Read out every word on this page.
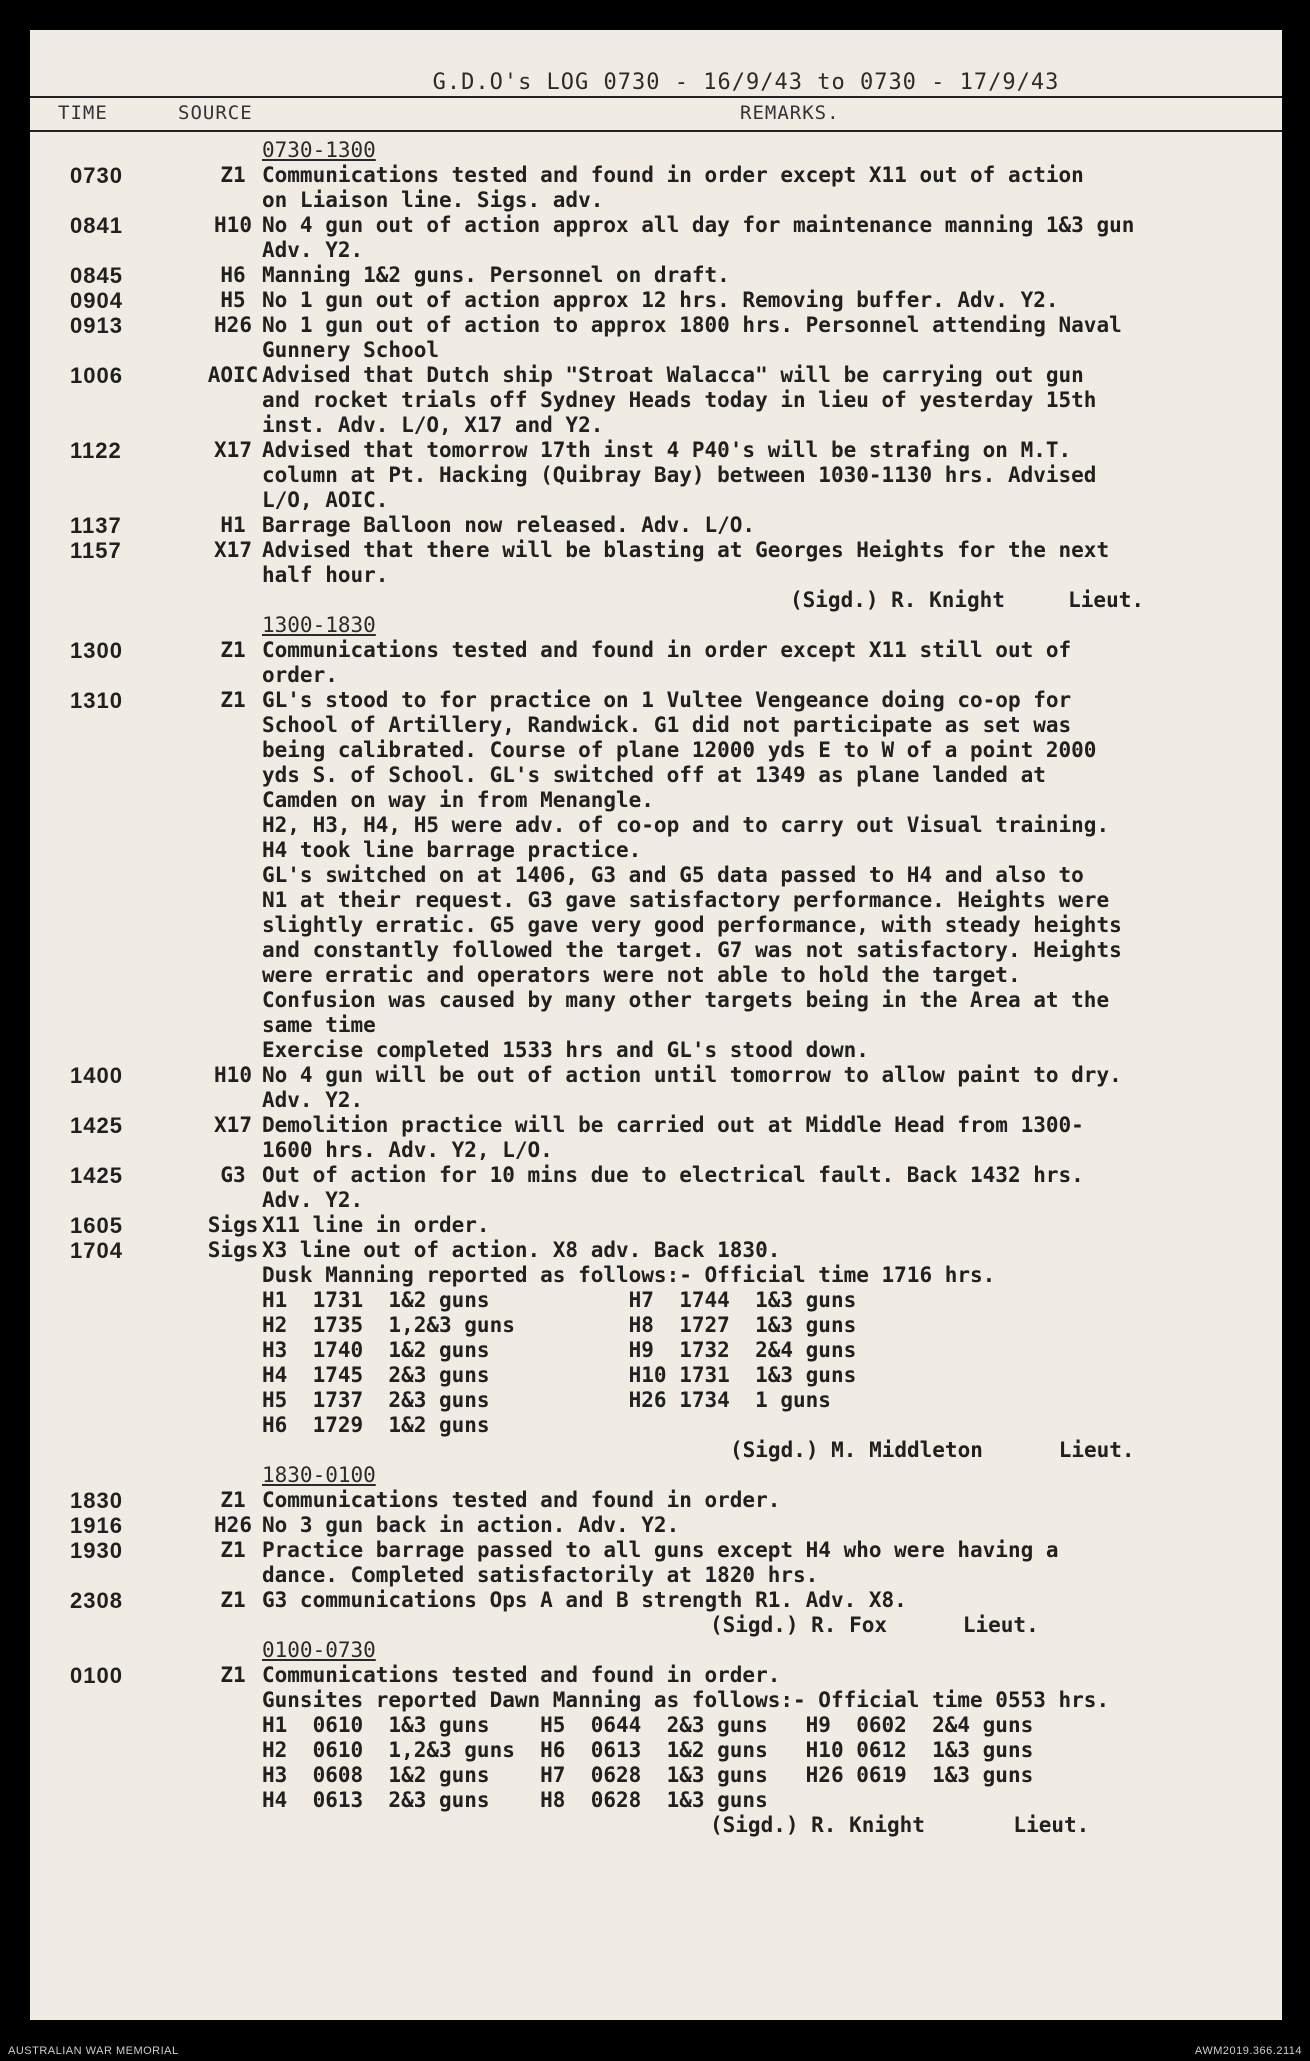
G.D.O's LOG 0730 - 16/9/43 to 0730 - 17/9/43
TIME	SOURCE	REMARKS.
0730-1300
0730	Z1 Communications tested and found in order except X11 out of action
on Liaison line. Sigs. adv.
0841	H10 No 4 gun out of action approx all day for maintenance manning 1&3 gun
Adv. Y2.
0845	H6 Manning 1&2 guns. Personnel on draft.
0904	H5 No 1 gun out of action approx 12 hrs. Removing buffer. Adv. Y2.
0913	H26 No 1 gun out of action to approx 1800 hrs. Personnel attending Naval
Gunnery School
1006	AOIC Advised that Dutch ship "Stroat Walacca" will be carrying out gun
and rocket trials off Sydney Heads today in lieu of yesterday 15th
inst. Adv. L/O, X17 and Y2.
1122	X17 Advised that tomorrow 17th inst 4 P40's will be strafing on M.T.
column at Pt. Hacking (Quibray Bay) between 1030-1130 hrs. Advised
L/O, AOIC.
1137	H1 Barrage Balloon now released. Adv. L/O.
1157	X17 Advised that there will be blasting at Georges Heights for the next
half hour.
(Sigd.) R. Knight     Lieut.
1300-1830
1300	Z1 Communications tested and found in order except X11 still out of
order.
1310	Z1 GL's stood to for practice on 1 Vultee Vengeance doing co-op for
School of Artillery, Randwick. G1 did not participate as set was
being calibrated. Course of plane 12000 yds E to W of a point 2000
yds S. of School. GL's switched off at 1349 as plane landed at
Camden on way in from Menangle.
H2, H3, H4, H5 were adv. of co-op and to carry out Visual training.
H4 took line barrage practice.
GL's switched on at 1406, G3 and G5 data passed to H4 and also to
N1 at their request. G3 gave satisfactory performance. Heights were
slightly erratic. G5 gave very good performance, with steady heights
and constantly followed the target. G7 was not satisfactory. Heights
were erratic and operators were not able to hold the target.
Confusion was caused by many other targets being in the Area at the
same time
Exercise completed 1533 hrs and GL's stood down.
1400	H10 No 4 gun will be out of action until tomorrow to allow paint to dry.
Adv. Y2.
1425	X17 Demolition practice will be carried out at Middle Head from 1300-
1600 hrs. Adv. Y2, L/O.
1425	G3 Out of action for 10 mins due to electrical fault. Back 1432 hrs.
Adv. Y2.
1605	Sigs X11 line in order.
1704	Sigs X3 line out of action. X8 adv. Back 1830.
Dusk Manning reported as follows:- Official time 1716 hrs.
H1  1731  1&2 guns           H7  1744  1&3 guns
H2  1735  1,2&3 guns         H8  1727  1&3 guns
H3  1740  1&2 guns           H9  1732  2&4 guns
H4  1745  2&3 guns           H10 1731  1&3 guns
H5  1737  2&3 guns           H26 1734  1 guns
H6  1729  1&2 guns
(Sigd.) M. Middleton      Lieut.
1830-0100
1830	Z1 Communications tested and found in order.
1916	H26 No 3 gun back in action. Adv. Y2.
1930	Z1 Practice barrage passed to all guns except H4 who were having a
dance. Completed satisfactorily at 1820 hrs.
2308	Z1 G3 communications Ops A and B strength R1. Adv. X8.
(Sigd.) R. Fox      Lieut.
0100-0730
0100	Z1 Communications tested and found in order.
Gunsites reported Dawn Manning as follows:- Official time 0553 hrs.
H1  0610  1&3 guns    H5  0644  2&3 guns   H9  0602  2&4 guns
H2  0610  1,2&3 guns  H6  0613  1&2 guns   H10 0612  1&3 guns
H3  0608  1&2 guns    H7  0628  1&3 guns   H26 0619  1&3 guns
H4  0613  2&3 guns    H8  0628  1&3 guns
(Sigd.) R. Knight       Lieut.
AUSTRALIAN WAR MEMORIAL	AWM2019.366.2114
